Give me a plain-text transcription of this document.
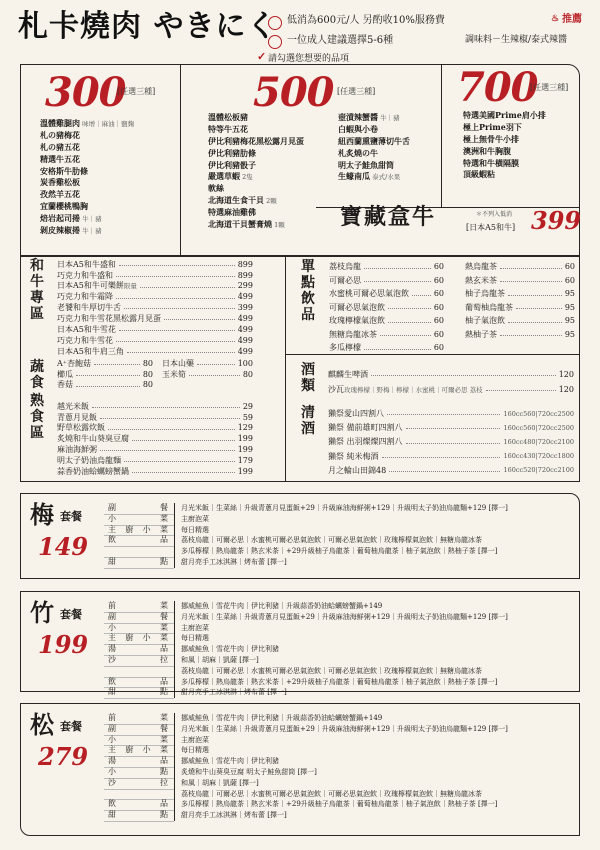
札卡燒肉 やきにく 低消為600元/人 另酌收10%服務費
一位成人建議選擇5-6種
♨ 推薦
調味料－生辣椒/泰式辣醬
✓ 請勾選您想要的品項
300
[任選三種]
溫體雞腿肉 味增｜麻油｜鹽麴
札の豬梅花
札の豬五花
精選牛五花
安格斯牛肋條
炭香雞松板
孜然羊五花
宜蘭櫻桃鴨胸
焙岩起司捲 牛｜豬
剝皮辣椒捲 牛｜豬
500 [任選三種]
溫體松板豬
特等牛五花
伊比利豬梅花黑松露月見蛋
伊比利豬肋條
伊比利豬骰子
嚴選草蝦 2隻
軟絲
北海道生食干貝 2顆
特選麻油雞佛
北海道干貝蟹膏燒 1顆
壺漬辣蟹醬 牛｜豬
白蝦與小卷
紐西蘭熏鹽薄切牛舌
札炙燒の牛
明太子鮭魚甜筒
生蠔南瓜 泰式/水果
700
[任選三種]
特選美國Prime肩小排
極上Prime羽下
極上無骨牛小排
澳洲和牛胸腹
特選和牛橫隔膜
頂級蝦粘
寶藏盒牛	＊不列入低消
[日本A5和牛] 399
和牛專區
日本A5和牛盛和	899
巧克力和牛盛和	899
日本A5和牛可樂餅 限量	299
巧克力和牛霜降	499
老饕和牛厚切牛舌	399
巧克力和牛雪花黑松露月見蛋	499
日本A5和牛雪花	499
巧克力和牛雪花	499
日本A5和牛肩三角	499
蔬食
A⁺杏鮑菇	80
櫛瓜	80
香菇	80
日本山藥	100
玉米筍	80
熟食區
越光米飯	29
青蔥月見飯	59
野草松露炊飯	129
炙燒和牛山葵臭豆腐	199
麻油海鮮粥	199
明太子奶油烏龍麵	179
蒜香奶油蛤蠣螃蟹鍋	199
單點飲品
荔枝烏龍	60
可爾必思	60
水蜜桃可爾必思氣泡飲	60
可爾必思氣泡飲	60
玫瑰檸檬氣泡飲	60
無糖烏龍冰茶	60
多瓜檸檬	60
熱烏龍茶	60
熱玄米茶	60
柚子烏龍茶	95
葡萄柚烏龍茶	95
柚子氣泡飲	95
熱柚子茶	95
酒類
麒麟生啤酒	120
沙瓦 玫瑰檸檬｜野梅｜檸檬｜水蜜桃｜可爾必思 荔枝	120
清酒
獺祭愛山四割八	160cc560 | 720cc2500
獺祭 備前雄町四割八	160cc560 | 720cc2500
獺祭 出羽燦燦四割八	160cc480 | 720cc2100
獺祭 純米梅酒	160cc430 | 720cc1800
月之輪山田錦48	160cc520 | 720cc2100
梅 套餐
149
副　餐 月光米飯｜生菜絲｜升級青蔥月見蛋飯+29｜升級麻油海鮮粥+129｜升級明太子奶油烏龍麵+129 [擇一]
小　菜 主廚泡菜
主廚小菜 每日精選
飲　品 荔枝烏龍｜可爾必思｜水蜜桃可爾必思氣泡飲｜可爾必思氣泡飲｜玫瑰檸檬氣泡飲｜無糖烏龍冰茶
多瓜檸檬｜熱烏龍茶｜熱玄米茶｜+29升級柚子烏龍茶｜葡萄柚烏龍茶｜柚子氣泡飲｜熱柚子茶 [擇一]
甜　點 甜月亮手工冰淇淋｜烤布蕾 [擇一]
竹 套餐
199
前　菜 挪威鮭魚｜雪花牛肉｜伊比利豬｜升級蒜香奶油蛤蠣螃蟹鍋+149
副　餐 月光米飯｜生菜絲｜升級青蔥月見蛋飯+29｜升級麻油海鮮粥+129｜升級明太子奶油烏龍麵+129 [擇一]
小　菜 主廚泡菜
主廚小菜 每日精選
湯　品 挪威鮭魚｜雪花牛肉｜伊比利豬
沙　拉 和風｜胡麻｜凱薩 [擇一]
荔枝烏龍｜可爾必思｜水蜜桃可爾必思氣泡飲｜可爾必思氣泡飲｜玫瑰檸檬氣泡飲｜無糖烏龍冰茶
飲　品 多瓜檸檬｜熱烏龍茶｜熱玄米茶｜+29升級柚子烏龍茶｜葡萄柚烏龍茶｜柚子氣泡飲｜熱柚子茶 [擇一]
甜　點 甜月亮手工冰淇淋｜烤布蕾 [擇一]
松 套餐
279
前　菜 挪威鮭魚｜雪花牛肉｜伊比利豬｜升級蒜香奶油蛤蠣螃蟹鍋+149
副　餐 月光米飯｜生菜絲｜升級青蔥月見蛋飯+29｜升級麻油海鮮粥+129｜升級明太子奶油烏龍麵+129 [擇一]
小　菜 主廚泡菜
主廚小菜 每日精選
湯　品 挪威鮭魚｜雪花牛肉｜伊比利豬
小　點 炙燒和牛山葵臭豆腐 明太子鮭魚甜筒 [擇一]
沙　拉 和風｜胡麻｜凱薩 [擇一]
荔枝烏龍｜可爾必思｜水蜜桃可爾必思氣泡飲｜可爾必思氣泡飲｜玫瑰檸檬氣泡飲｜無糖烏龍冰茶
飲　品 多瓜檸檬｜熱烏龍茶｜熱玄米茶｜+29升級柚子烏龍茶｜葡萄柚烏龍茶｜柚子氣泡飲｜熱柚子茶 [擇一]
甜　點 甜月亮手工冰淇淋｜烤布蕾 [擇一]
